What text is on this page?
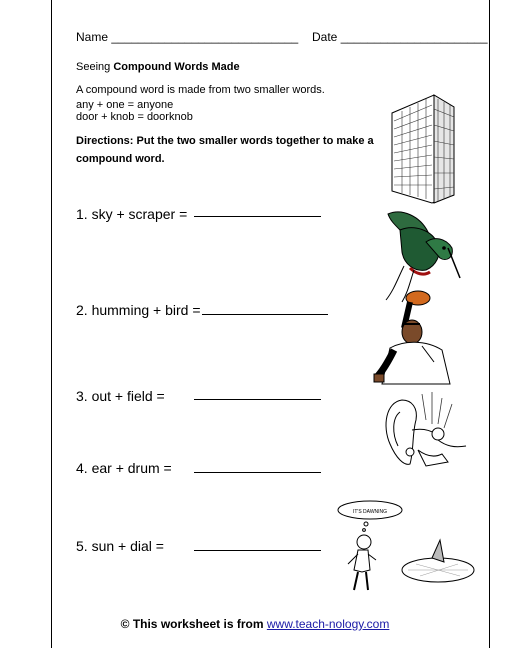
Name ____________________________ Date ______________________
Seeing Compound Words Made
A compound word is made from two smaller words.
any + one = anyone
door + knob = doorknob
Directions: Put the two smaller words together to make a
compound word.
1. sky + scraper =
2. humming + bird =
3. out + field =
4. ear + drum =
5. sun + dial =
IT'S DAWNING
© This worksheet is from www.teach-nology.com
